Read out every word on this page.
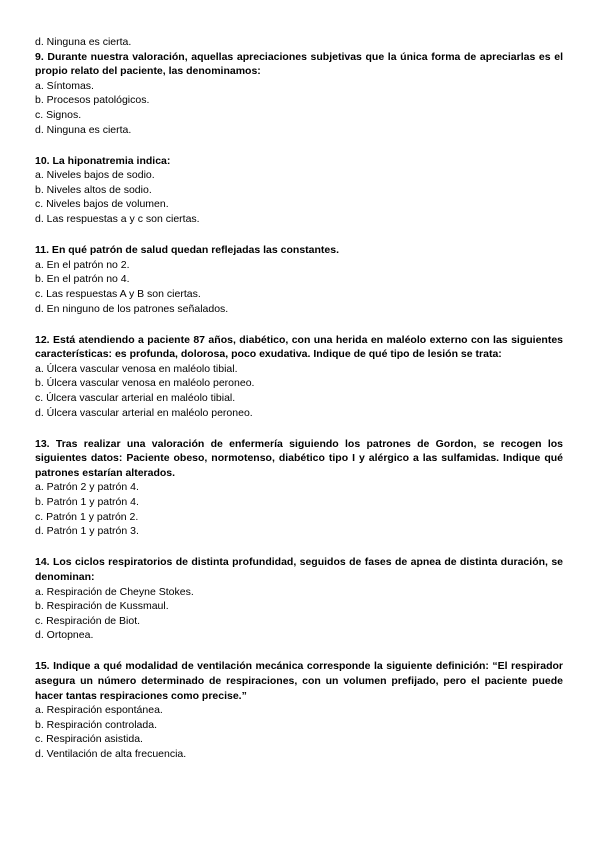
d. Ninguna es cierta.

9. Durante nuestra valoración, aquellas apreciaciones subjetivas que la única forma de apreciarlas es el propio relato del paciente, las denominamos:

a. Síntomas.

b. Procesos patológicos.

c. Signos.

d. Ninguna es cierta.

10. La hiponatremia indica:

a. Niveles bajos de sodio.

b. Niveles altos de sodio.

c. Niveles bajos de volumen.

d. Las respuestas a y c son ciertas.

11. En qué patrón de salud quedan reflejadas las constantes.

a. En el patrón no 2.

b. En el patrón no 4.

c. Las respuestas A y B son ciertas.

d. En ninguno de los patrones señalados.

12. Está atendiendo a paciente 87 años, diabético, con una herida en maléolo externo con las siguientes características: es profunda, dolorosa, poco exudativa. Indique de qué tipo de lesión se trata:

a. Úlcera vascular venosa en maléolo tibial.

b. Úlcera vascular venosa en maléolo peroneo.

c. Úlcera vascular arterial en maléolo tibial.

d. Úlcera vascular arterial en maléolo peroneo.

13. Tras realizar una valoración de enfermería siguiendo los patrones de Gordon, se recogen los siguientes datos: Paciente obeso, normotenso, diabético tipo I y alérgico a las sulfamidas. Indique qué patrones estarían alterados.

a. Patrón 2 y patrón 4.

b. Patrón 1 y patrón 4.

c. Patrón 1 y patrón 2.

d. Patrón 1 y patrón 3.

14. Los ciclos respiratorios de distinta profundidad, seguidos de fases de apnea de distinta duración, se denominan:

a. Respiración de Cheyne Stokes.

b. Respiración de Kussmaul.

c. Respiración de Biot.

d. Ortopnea.

15. Indique a qué modalidad de ventilación mecánica corresponde la siguiente definición: “El respirador asegura un número determinado de respiraciones, con un volumen prefijado, pero el paciente puede hacer tantas respiraciones como precise.”

a. Respiración espontánea.

b. Respiración controlada.

c. Respiración asistida.

d. Ventilación de alta frecuencia.
